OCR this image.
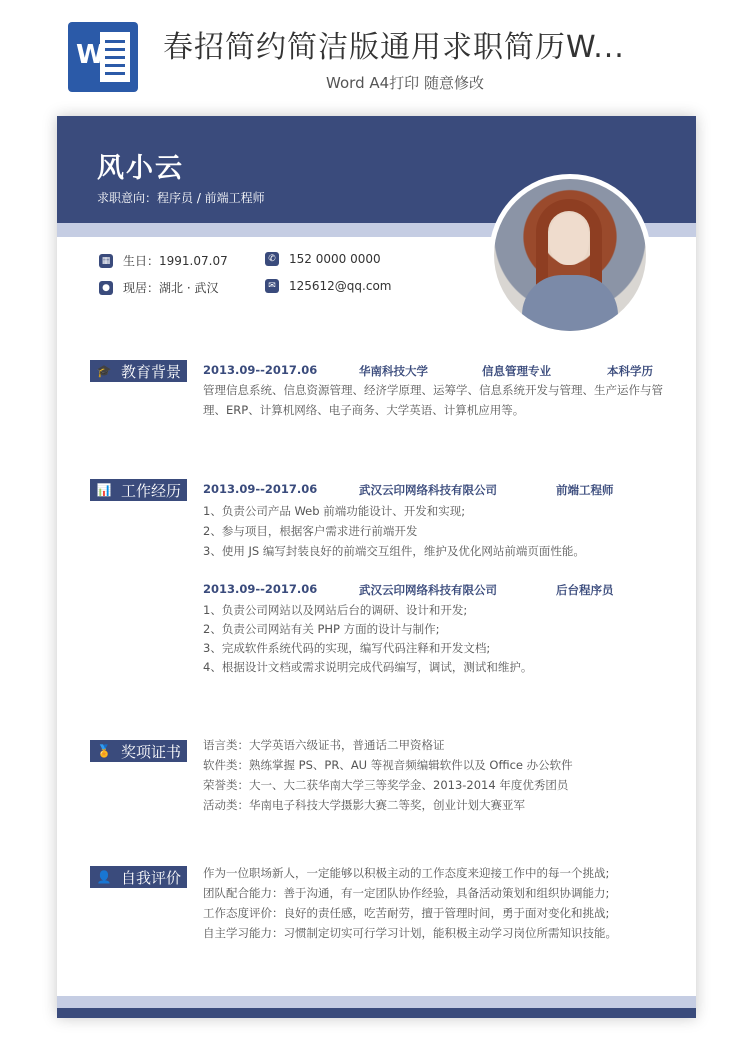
W 春招简约简洁版通用求职简历W...
Word A4打印 随意修改
风小云
求职意向：程序员 / 前端工程师
▦ 生日：1991.07.07	✆ 152 0000 0000
● 现居：湖北 · 武汉	✉ 125612@qq.com
🎓 教育背景 2013.09--2017.06	华南科技大学	信息管理专业	本科学历
管理信息系统、信息资源管理、经济学原理、运筹学、信息系统开发与管理、生产运作与管理、ERP、计算机网络、电子商务、大学英语、计算机应用等。
📊 工作经历 2013.09--2017.06	武汉云印网络科技有限公司	前端工程师
1、负责公司产品 Web 前端功能设计、开发和实现;
2、参与项目，根据客户需求进行前端开发
3、使用 JS 编写封装良好的前端交互组件，维护及优化网站前端页面性能。
2013.09--2017.06	武汉云印网络科技有限公司	后台程序员
1、负责公司网站以及网站后台的调研、设计和开发;
2、负责公司网站有关 PHP 方面的设计与制作;
3、完成软件系统代码的实现，编写代码注释和开发文档;
4、根据设计文档或需求说明完成代码编写，调试，测试和维护。
🏅 奖项证书 语言类：大学英语六级证书，普通话二甲资格证
软件类：熟练掌握 PS、PR、AU 等视音频编辑软件以及 Office 办公软件
荣誉类：大一、大二获华南大学三等奖学金、2013-2014 年度优秀团员
活动类：华南电子科技大学摄影大赛二等奖，创业计划大赛亚军
👤 自我评价 作为一位职场新人，一定能够以积极主动的工作态度来迎接工作中的每一个挑战;
团队配合能力：善于沟通，有一定团队协作经验，具备活动策划和组织协调能力;
工作态度评价：良好的责任感，吃苦耐劳，擅于管理时间，勇于面对变化和挑战;
自主学习能力：习惯制定切实可行学习计划，能积极主动学习岗位所需知识技能。
